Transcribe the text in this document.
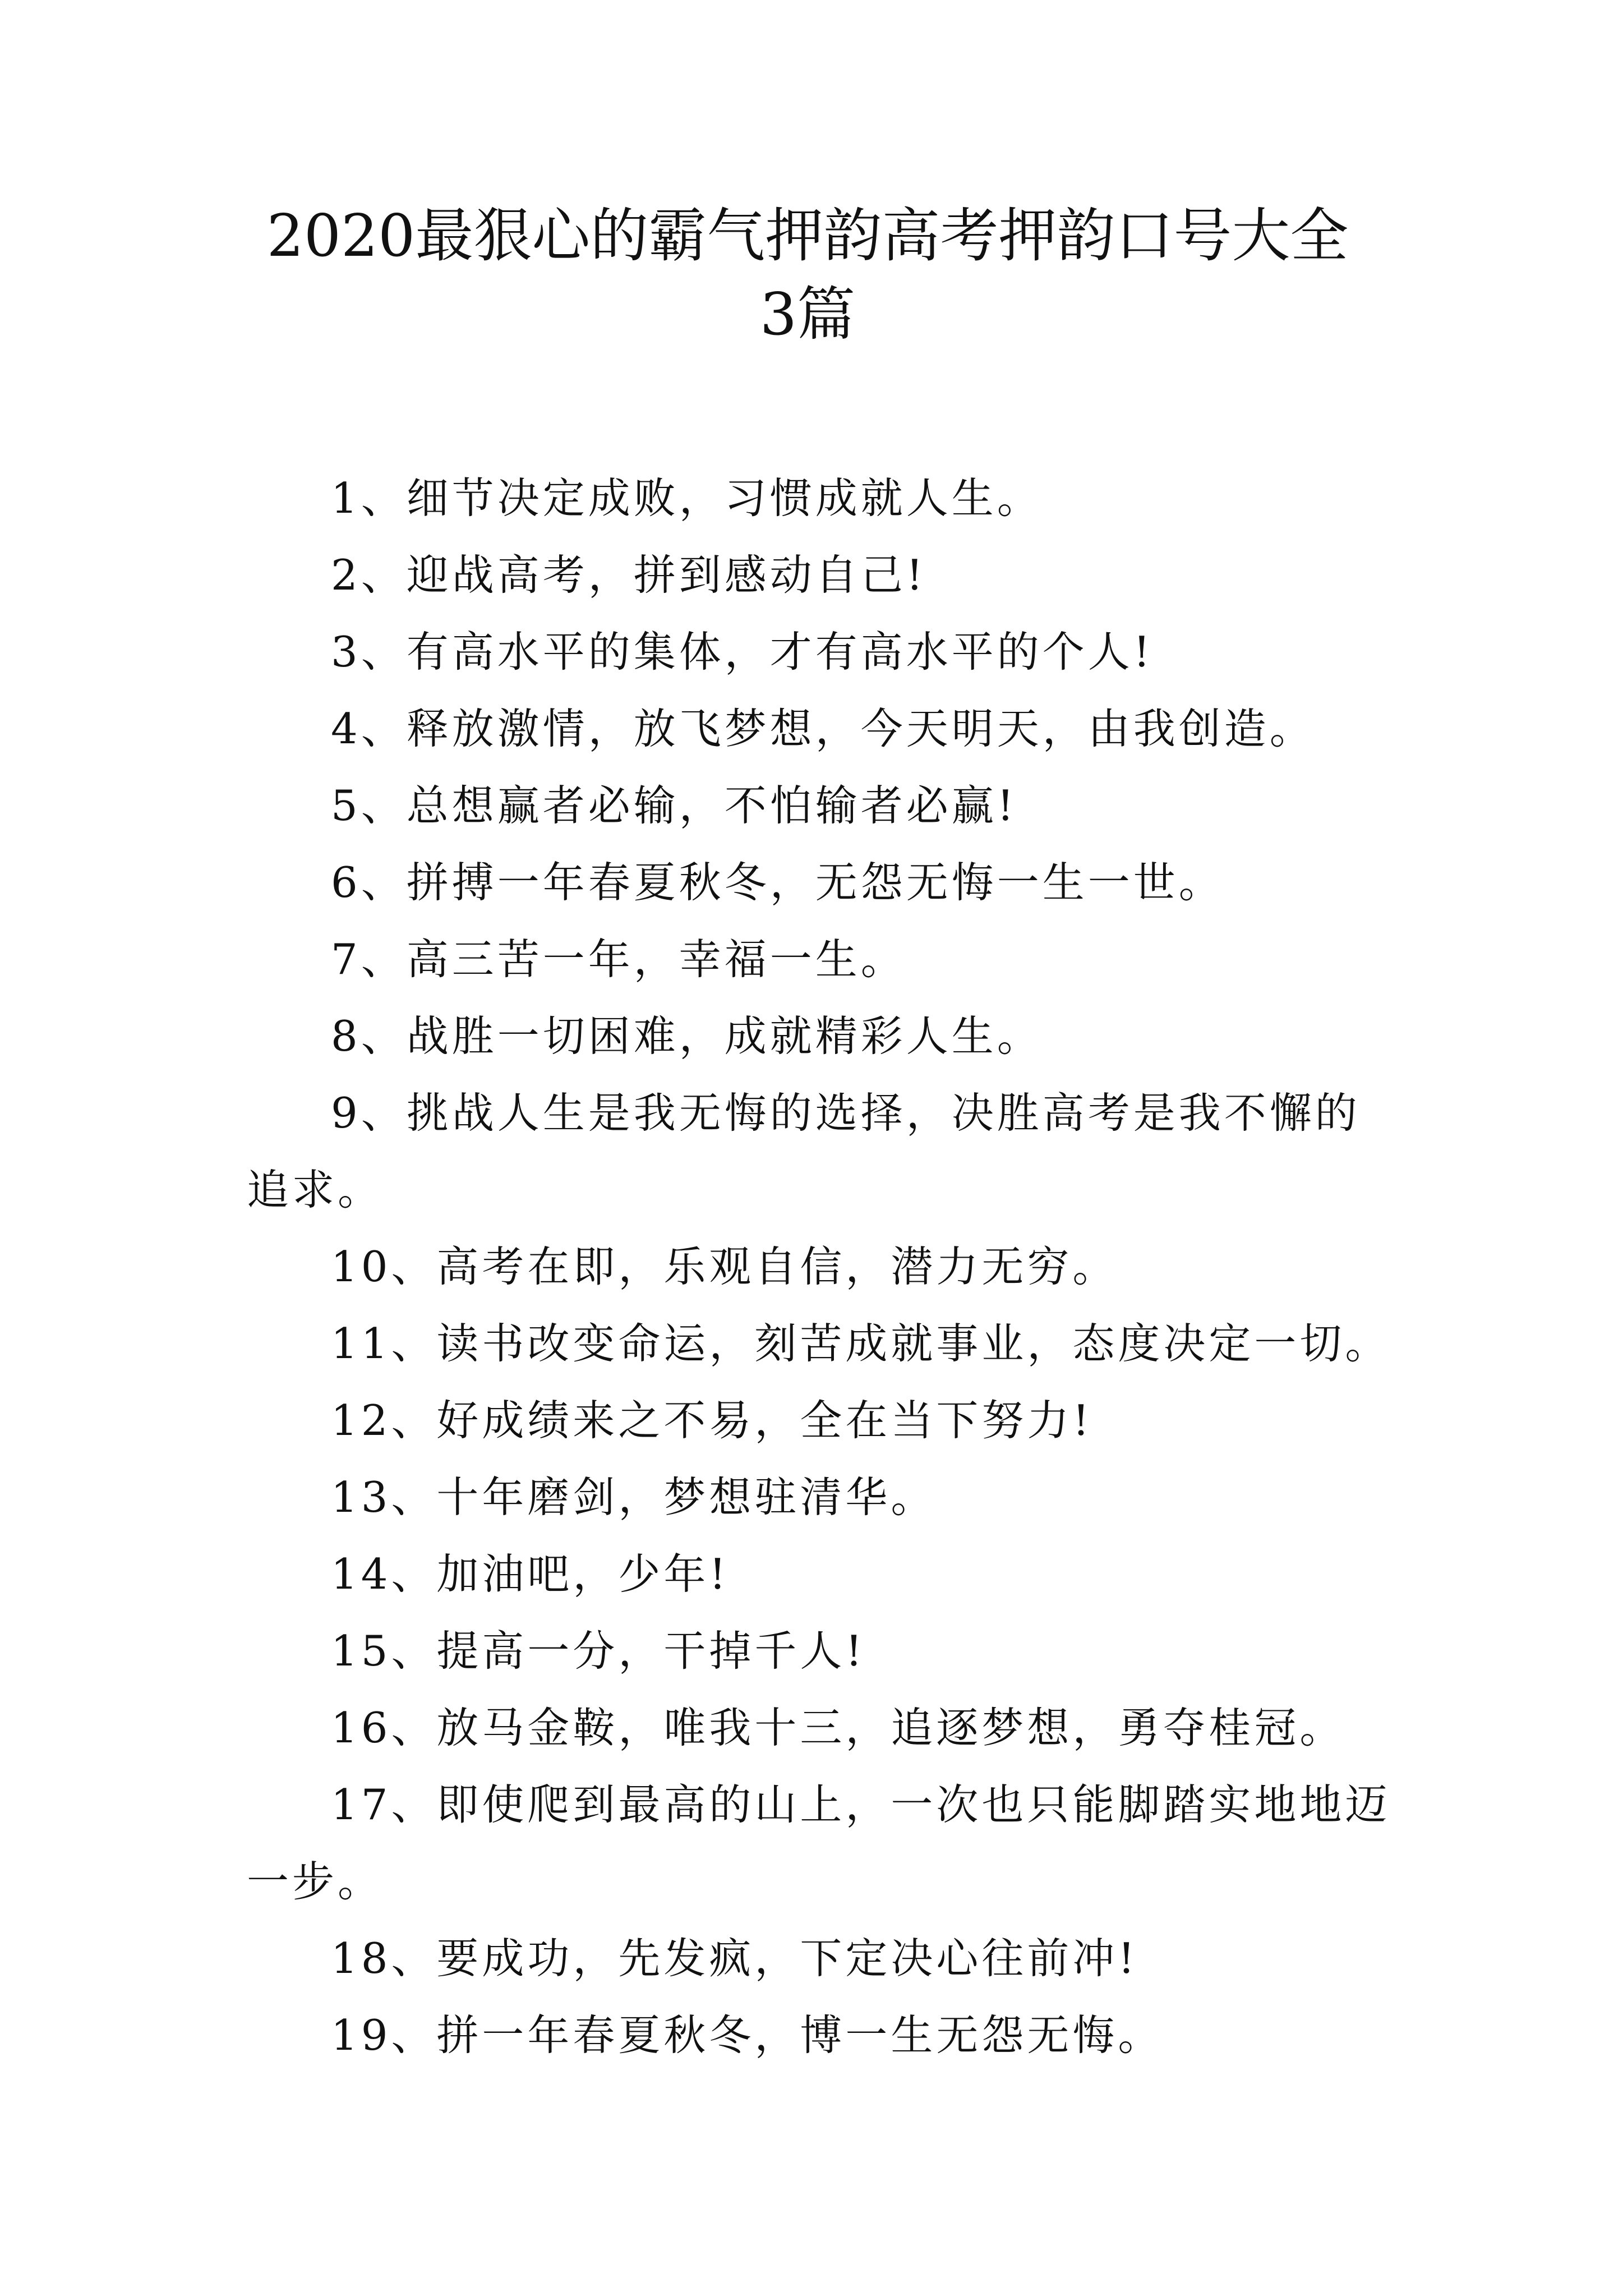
2020最狠心的霸气押韵高考押韵口号大全
3篇

1、细节决定成败，习惯成就人生。

2、迎战高考，拼到感动自己!

3、有高水平的集体，才有高水平的个人!

4、释放激情，放飞梦想，今天明天，由我创造。

5、总想赢者必输，不怕输者必赢!

6、拼搏一年春夏秋冬，无怨无悔一生一世。

7、高三苦一年，幸福一生。

8、战胜一切困难，成就精彩人生。

9、挑战人生是我无悔的选择，决胜高考是我不懈的追求。

10、高考在即，乐观自信，潜力无穷。

11、读书改变命运，刻苦成就事业，态度决定一切。

12、好成绩来之不易，全在当下努力!

13、十年磨剑，梦想驻清华。

14、加油吧，少年!

15、提高一分，干掉千人!

16、放马金鞍，唯我十三，追逐梦想，勇夺桂冠。

17、即使爬到最高的山上，一次也只能脚踏实地地迈一步。

18、要成功，先发疯，下定决心往前冲!

19、拼一年春夏秋冬，博一生无怨无悔。
